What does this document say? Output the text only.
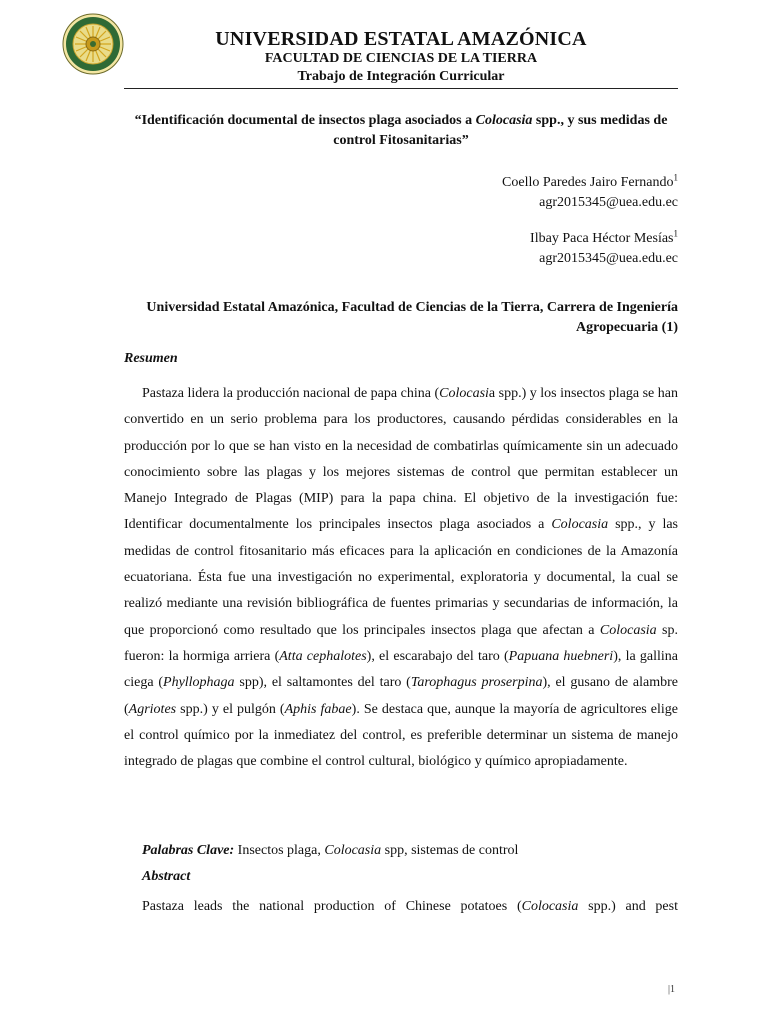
UNIVERSIDAD ESTATAL AMAZÓNICA
FACULTAD DE CIENCIAS DE LA TIERRA
Trabajo de Integración Curricular
“Identificación documental de insectos plaga asociados a Colocasia spp., y sus medidas de control Fitosanitarias”
Coello Paredes Jairo Fernando$^1$
agr2015345@uea.edu.ec
Ilbay Paca Héctor Mesías$^1$
agr2015345@uea.edu.ec
Universidad Estatal Amazónica, Facultad de Ciencias de la Tierra, Carrera de Ingeniería Agropecuaria (1)
Resumen

Pastaza lidera la producción nacional de papa china (Colocasia spp.) y los insectos plaga se han convertido en un serio problema para los productores, causando pérdidas considerables en la producción por lo que se han visto en la necesidad de combatirlas químicamente sin un adecuado conocimiento sobre las plagas y los mejores sistemas de control que permitan establecer un Manejo Integrado de Plagas (MIP) para la papa china. El objetivo de la investigación fue: Identificar documentalmente los principales insectos plaga asociados a Colocasia spp., y las medidas de control fitosanitario más eficaces para la aplicación en condiciones de la Amazonía ecuatoriana. Ésta fue una investigación no experimental, exploratoria y documental, la cual se realizó mediante una revisión bibliográfica de fuentes primarias y secundarias de información, la que proporcionó como resultado que los principales insectos plaga que afectan a Colocasia sp. fueron: la hormiga arriera (Atta cephalotes), el escarabajo del taro (Papuana huebneri), la gallina ciega (Phyllophaga spp), el saltamontes del taro (Tarophagus proserpina), el gusano de alambre (Agriotes spp.) y el pulgón (Aphis fabae). Se destaca que, aunque la mayoría de agricultores elige el control químico por la inmediatez del control, es preferible determinar un sistema de manejo integrado de plagas que combine el control cultural, biológico y químico apropiadamente.

Palabras Clave: Insectos plaga, Colocasia spp, sistemas de control
Abstract
Pastaza leads the national production of Chinese potatoes (Colocasia spp.) and pest
|1
